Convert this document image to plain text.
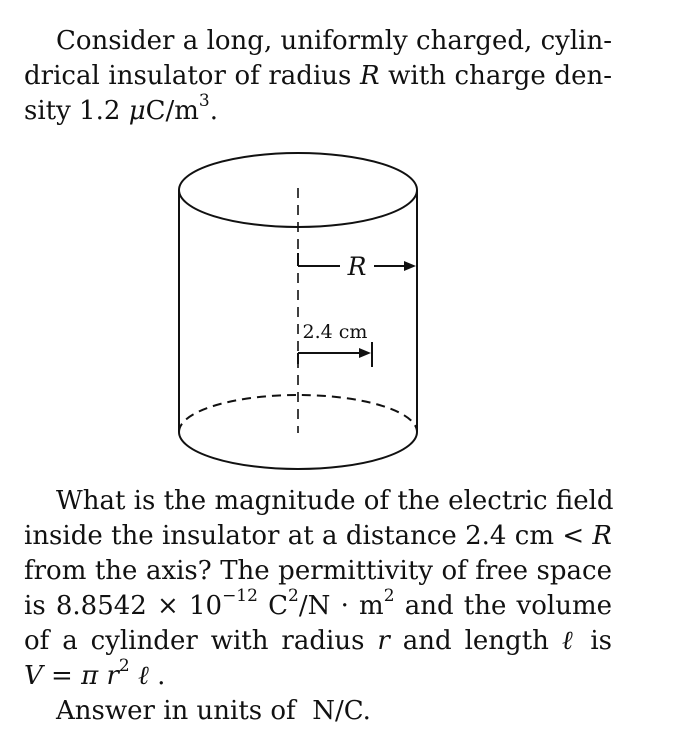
Consider a long, uniformly charged, cylin-
drical insulator of radius R with charge den-
sity 1.2 $\mu C/m^3$.
R
2.4 cm
What is the magnitude of the electric field
inside the insulator at a distance 2.4 cm < R
from the axis? The permittivity of free space
is $8.8542 \times 10^{-12}$ $C^2/N \cdot m^2$ and the volume
of a cylinder with radius r and length ℓ is
V = π $r^2$ ℓ .
Answer in units of  N/C.
